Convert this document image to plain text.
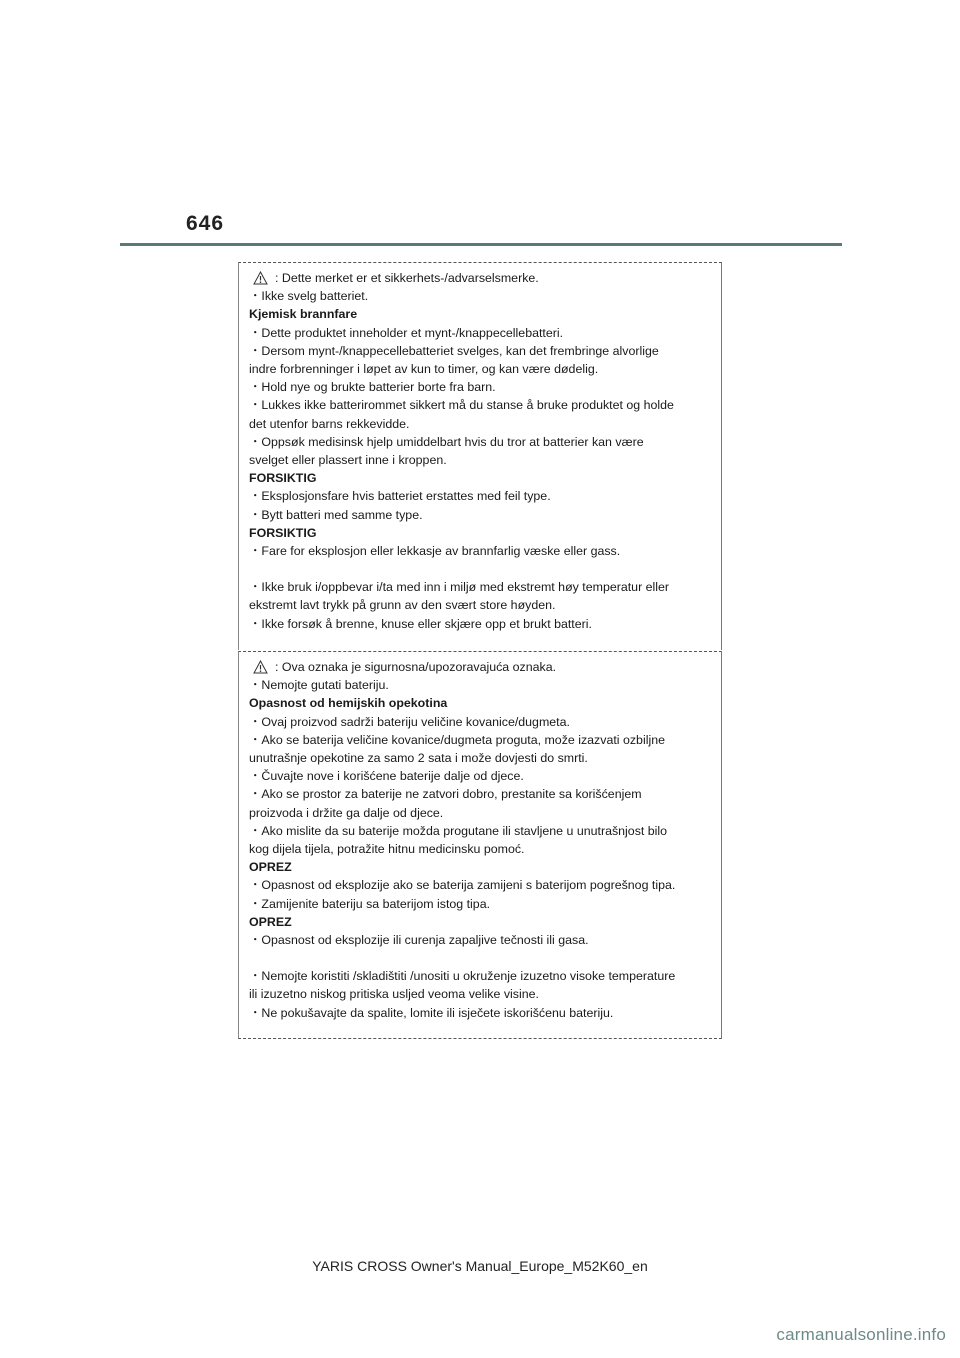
646
: Dette merket er et sikkerhets-/advarselsmerke.
・Ikke svelg batteriet.
Kjemisk brannfare
・Dette produktet inneholder et mynt-/knappecellebatteri.
・Dersom mynt-/knappecellebatteriet svelges, kan det frembringe alvorlige
indre forbrenninger i løpet av kun to timer, og kan være dødelig.
・Hold nye og brukte batterier borte fra barn.
・Lukkes ikke batterirommet sikkert må du stanse å bruke produktet og holde
det utenfor barns rekkevidde.
・Oppsøk medisinsk hjelp umiddelbart hvis du tror at batterier kan være
svelget eller plassert inne i kroppen.
FORSIKTIG
・Eksplosjonsfare hvis batteriet erstattes med feil type.
・Bytt batteri med samme type.
FORSIKTIG
・Fare for eksplosjon eller lekkasje av brannfarlig væske eller gass.
・Ikke bruk i/oppbevar i/ta med inn i miljø med ekstremt høy temperatur eller
ekstremt lavt trykk på grunn av den svært store høyden.
・Ikke forsøk å brenne, knuse eller skjære opp et brukt batteri.
: Ova oznaka je sigurnosna/upozoravajuća oznaka.
・Nemojte gutati bateriju.
Opasnost od hemijskih opekotina
・Ovaj proizvod sadrži bateriju veličine kovanice/dugmeta.
・Ako se baterija veličine kovanice/dugmeta proguta, može izazvati ozbiljne
unutrašnje opekotine za samo 2 sata i može dovjesti do smrti.
・Čuvajte nove i korišćene baterije dalje od djece.
・Ako se prostor za baterije ne zatvori dobro, prestanite sa korišćenjem
proizvoda i držite ga dalje od djece.
・Ako mislite da su baterije možda progutane ili stavljene u unutrašnjost bilo
kog dijela tijela, potražite hitnu medicinsku pomoć.
OPREZ
・Opasnost od eksplozije ako se baterija zamijeni s baterijom pogrešnog tipa.
・Zamijenite bateriju sa baterijom istog tipa.
OPREZ
・Opasnost od eksplozije ili curenja zapaljive tečnosti ili gasa.
・Nemojte koristiti /skladištiti /unositi u okruženje izuzetno visoke temperature
ili izuzetno niskog pritiska usljed veoma velike visine.
・Ne pokušavajte da spalite, lomite ili isječete iskorišćenu bateriju.
YARIS CROSS Owner's Manual_Europe_M52K60_en
carmanualsonline.info
